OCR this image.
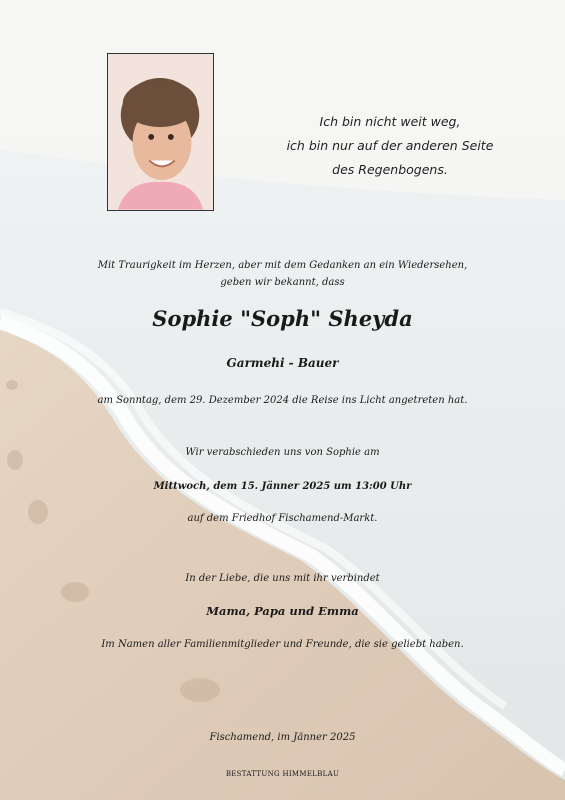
Ich bin nicht weit weg,
ich bin nur auf der anderen Seite
des Regenbogens.
Mit Traurigkeit im Herzen, aber mit dem Gedanken an ein Wiedersehen,
geben wir bekannt, dass
Sophie "Soph" Sheyda
Garmehi - Bauer
am Sonntag, dem 29. Dezember 2024 die Reise ins Licht angetreten hat.
Wir verabschieden uns von Sophie am
Mittwoch, dem 15. Jänner 2025 um 13:00 Uhr
auf dem Friedhof Fischamend-Markt.
In der Liebe, die uns mit ihr verbindet
Mama, Papa und Emma
Im Namen aller Familienmitglieder und Freunde, die sie geliebt haben.
Fischamend, im Jänner 2025
BESTATTUNG HIMMELBLAU
